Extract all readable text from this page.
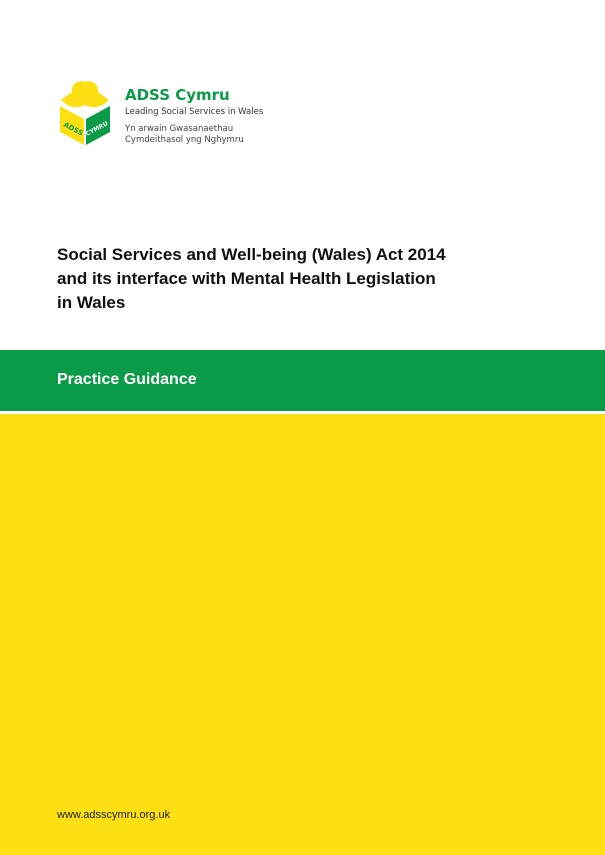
ADSS CYMRU
ADSS Cymru
Leading Social Services in Wales
Yn arwain Gwasanaethau
Cymdeithasol yng Nghymru
Social Services and Well-being (Wales) Act 2014
and its interface with Mental Health Legislation
in Wales
Practice Guidance
www.adsscymru.org.uk
